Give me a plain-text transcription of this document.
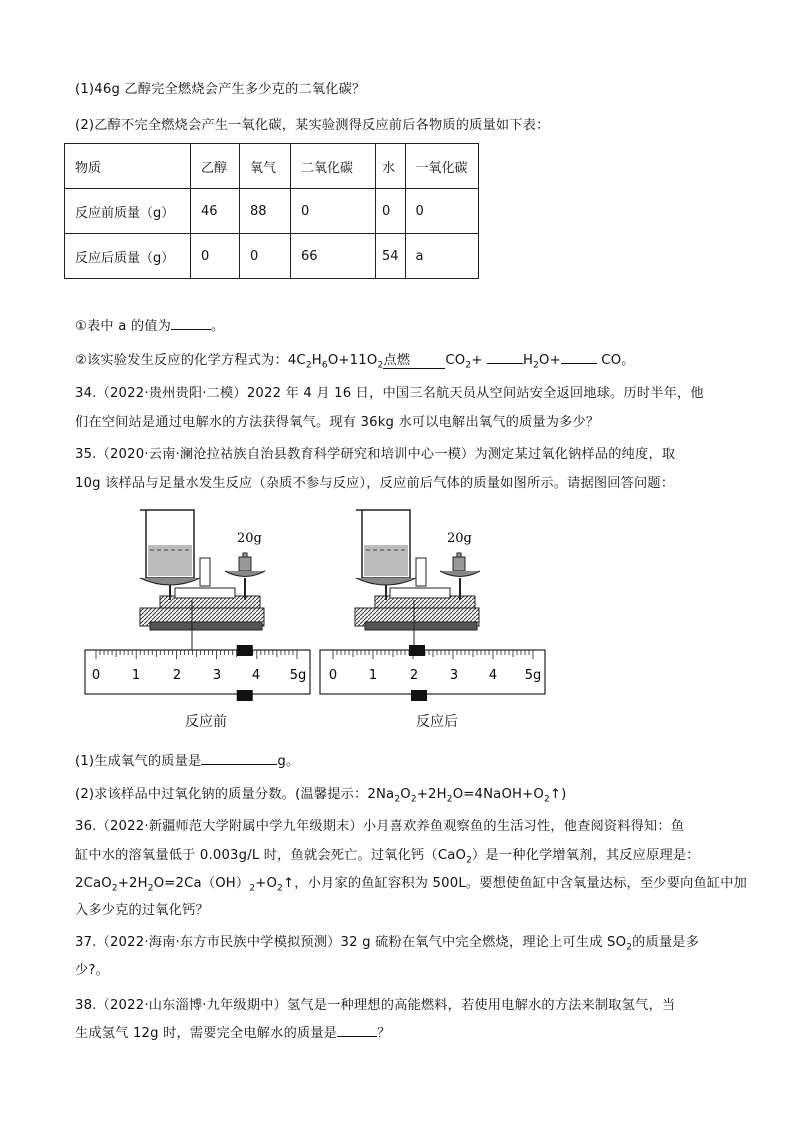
(1)46g 乙醇完全燃烧会产生多少克的二氧化碳？
(2)乙醇不完全燃烧会产生一氧化碳，某实验测得反应前后各物质的质量如下表：
物质	乙醇	氧气	二氧化碳	水	一氧化碳
反应前质量（g）	46	88	0	0	0
反应后质量（g）	0	0	66	54	a
①表中 a 的值为	。
②该实验发生反应的化学方程式为：$4C_2H_6O+11O_2$点燃	$CO_2+$	$H_2O+$	CO。
34.（2022·贵州贵阳·二模）2022 年 4 月 16 日，中国三名航天员从空间站安全返回地球。历时半年，他
们在空间站是通过电解水的方法获得氧气。现有 36kg 水可以电解出氧气的质量为多少？
35.（2020·云南·澜沧拉祜族自治县教育科学研究和培训中心一模）为测定某过氧化钠样品的纯度，取
10g 该样品与足量水发生反应（杂质不参与反应），反应前后气体的质量如图所示。请据图回答问题：
20g	20g
0 1	2 3 4 5g 0 1	2 3 4 5g
反应前	反应后
(1)生成氧气的质量是	g。
(2)求该样品中过氧化钠的质量分数。(温馨提示：$2Na_2O_2+2H_2O=4NaOH+O_2↑$)
36.（2022·新疆师范大学附属中学九年级期末）小月喜欢养鱼观察鱼的生活习性，他查阅资料得知：鱼
缸中水的溶氧量低于 0.003g/L 时，鱼就会死亡。过氧化钙（CaO$_2$）是一种化学增氧剂，其反应原理是：
$2CaO_2+2H_2O=2Ca(OH)_2+O_2↑$，小月家的鱼缸容积为 500L。要想使鱼缸中含氧量达标，至少要向鱼缸中加
入多少克的过氧化钙？
37.（2022·海南·东方市民族中学模拟预测）32 g 硫粉在氧气中完全燃烧，理论上可生成 $SO_2$的质量是多
少?。
38.（2022·山东淄博·九年级期中）氢气是一种理想的高能燃料，若使用电解水的方法来制取氢气，当
生成氢气 12g 时，需要完全电解水的质量是	？
